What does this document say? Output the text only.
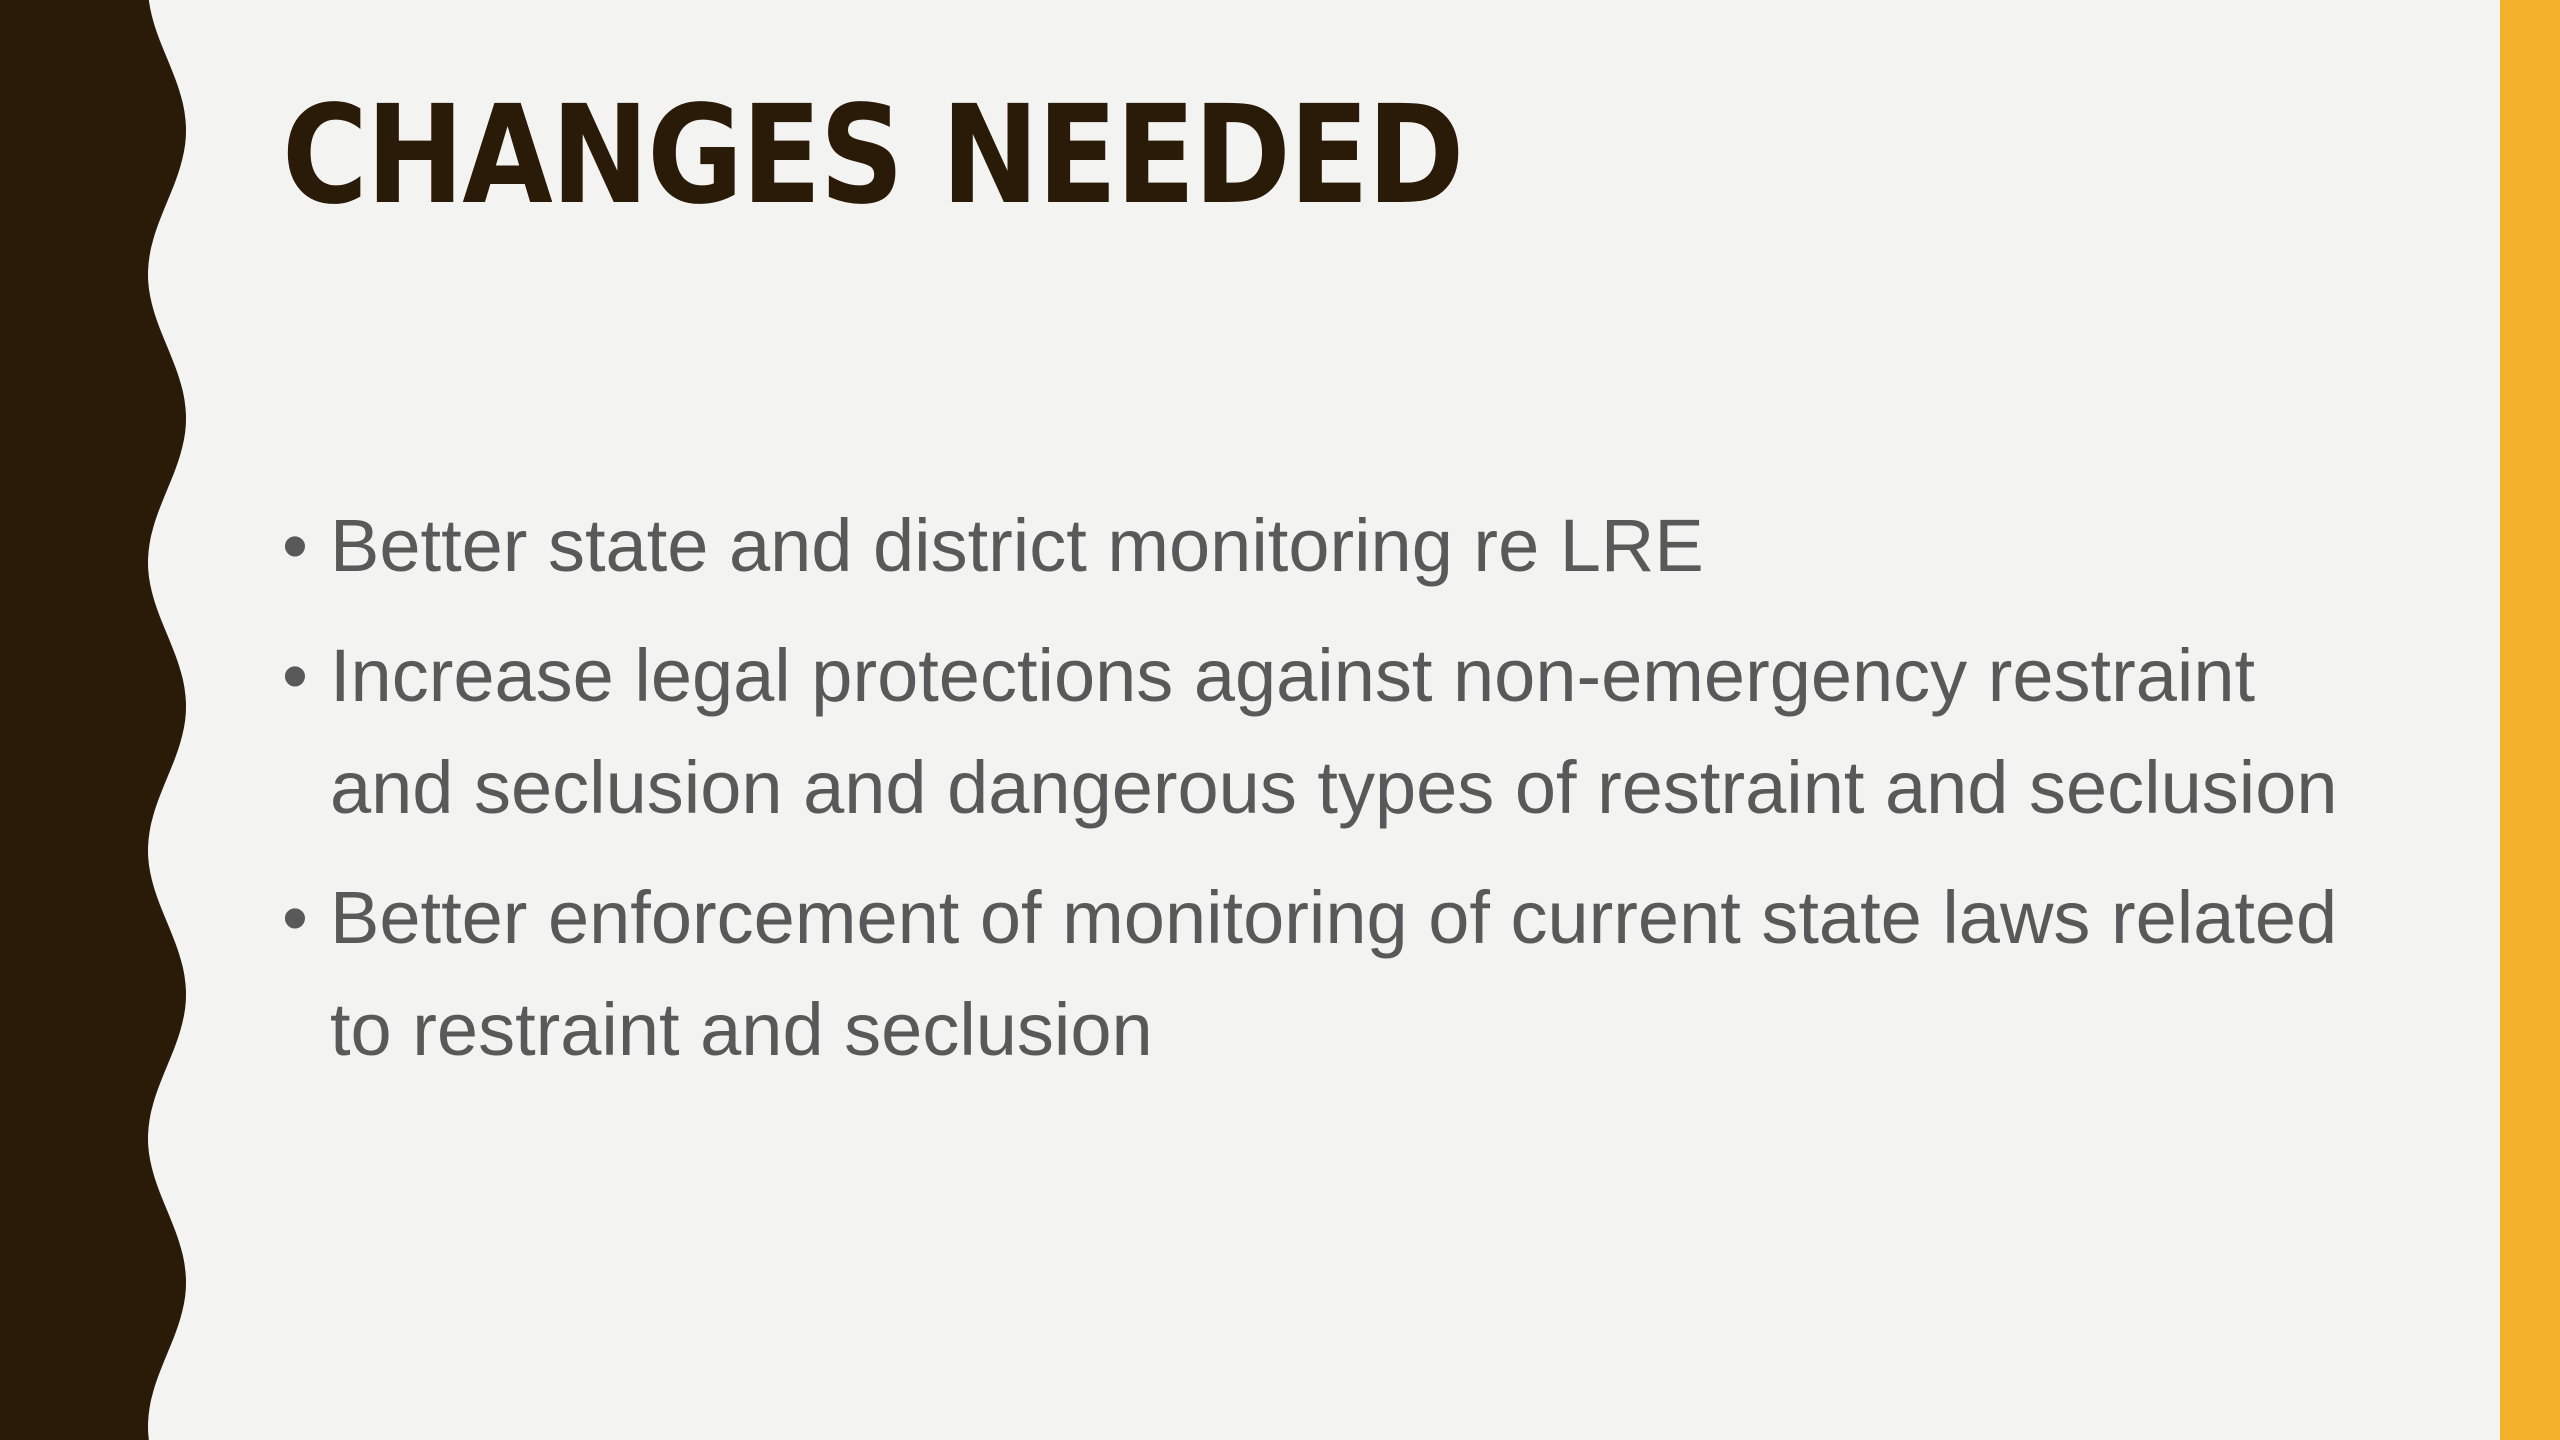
CHANGES NEEDED
• Better state and district monitoring re LRE
• Increase legal protections against non-emergency restraint and seclusion and dangerous types of restraint and seclusion
• Better enforcement of monitoring of current state laws related to restraint and seclusion
